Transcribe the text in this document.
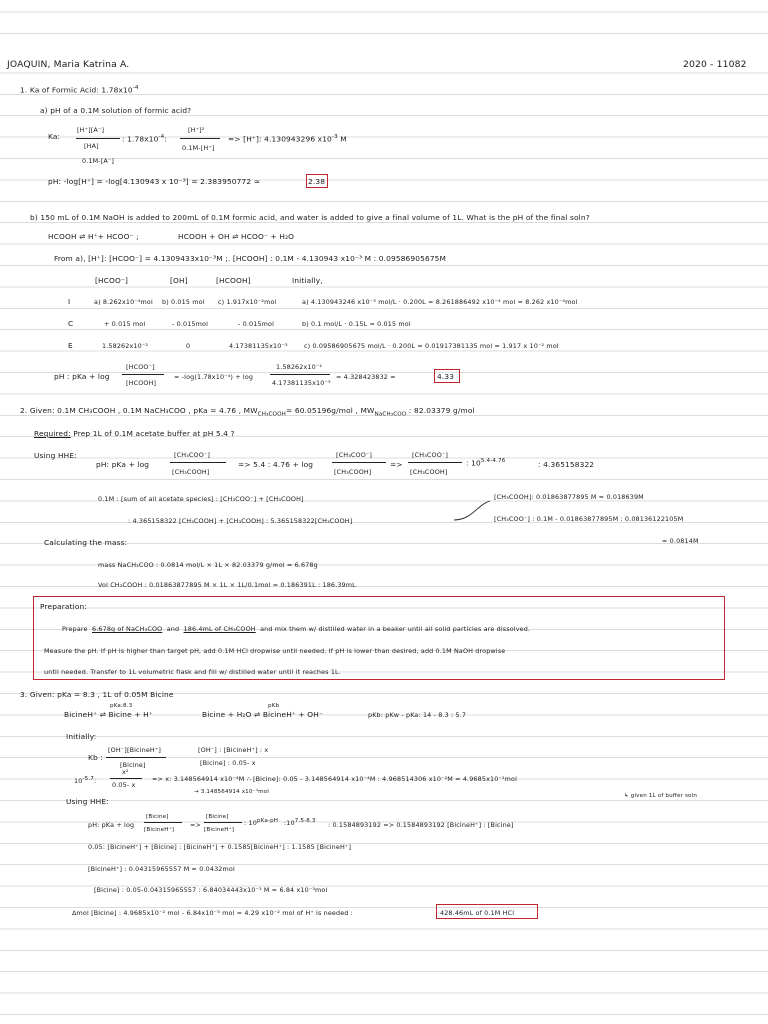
JOAQUIN, Maria Katrina A.	2020 - 11082
1. Ka of Formic Acid: $1.78x10^{-4}$
a) pH of a 0.1M solution of formic acid?
Ka:
[H⁺][A⁻]
[HA]
0.1M-[A⁻]
: $1.78x10^{-4}$:
[H⁺]²
0.1M-[H⁺]
=> [H⁺]: 4.130943296 $x10^{-3}$ M
pH: -log[H⁺] = -log[4.130943 x 10⁻³] = 2.383950772 ≃	2.38
b) 150 mL of 0.1M NaOH is added to 200mL of 0.1M formic acid, and water is added to give a final volume of 1L. What is the pH of the final soln?
HCOOH ⇌ H⁺+ HCOO⁻ ;	HCOOH + OH ⇌ HCOO⁻ + H₂O
From a), [H⁺]: [HCOO⁻] = 4.1309433x10⁻³M ;. [HCOOH] : 0.1M - 4.130943 x10⁻³ M : 0.09586905675M
[HCOO⁻]	[OH]	[HCOOH]	Initially,
I	a) 8.262x10⁻⁴mol b) 0.015 mol c) 1.917x10⁻²mol	a) 4.130943246 x10⁻³ mol/L · 0.200L = 8.261886492 x10⁻⁴ mol ≃ 8.262 x10⁻⁴mol
C	+ 0.015 mol	- 0.015mol	- 0.015mol	b) 0.1 mol/L · 0.15L = 0.015 mol
E	1.58262x10⁻²	0	4.17381135x10⁻³	c) 0.09586905675 mol/L · 0.200L = 0.01917381135 mol ≃ 1.917 x 10⁻² mol
pH : pKa + log
[HCOO⁻]
[HCOOH]
= -log(1.78x10⁻⁴) + log
1.58262x10⁻²
4.17381135x10⁻³
= 4.328423832 ≃	4.33
2. Given: 0.1M CH₃COOH , 0.1M NaCH₃COO , pKa = 4.76 , $MW_{CH_3COOH}= 60.05196g/mol$ , $MW_{NaCH_3COO}$ : 82.03379 g/mol
Required: Prep 1L of 0.1M acetate buffer at pH 5.4 ?
Using HHE:
pH: pKa + log
[CH₃COO⁻]
[CH₃COOH]
=> 5.4 : 4.76 + log
[CH₃COO⁻]
[CH₃COOH]
=>
[CH₃COO⁻]
[CH₃COOH]
: $10^{5.4-4.76}$	: 4.365158322
0.1M : [sum of all acetate species] : [CH₃COO⁻] + [CH₃COOH]
: 4.365158322 [CH₃COOH] + [CH₃COOH] : 5.365158322[CH₃COOH]
[CH₃COOH]: 0.01863877895 M ≃ 0.018639M
[CH₃COO⁻] : 0.1M - 0.01863877895M : 0.08136122105M
≃ 0.0814M
Calculating the mass:
mass NaCH₃COO : 0.0814 mol/L × 1L × 82.03379 g/mol = 6.678g
Vol CH₃COOH : 0.01863877895 M × 1L × 1L/0.1mol = 0.186391L : 186.39mL
Preparation:
Prepare 6.678g of NaCH₃COO and 186.4mL of CH₃COOH and mix them w/ distilled water in a beaker until all solid particles are dissolved.
Measure the pH. If pH is higher than target pH, add 0.1M HCl dropwise until needed. If pH is lower than desired, add 0.1M NaOH dropwise
until needed. Transfer to 1L volumetric flask and fill w/ distilled water until it reaches 1L.
3. Given: pKa = 8.3 , 1L of 0.05M Bicine
pKa:8.3
BicineH⁺ ⇌ Bicine + H⁺
pKb
Bicine + H₂O ⇌ BicineH⁺ + OH⁻	pKb: pKw - pKa: 14 - 8.3 : 5.7
Initially:
Kb :
[OH⁻][BicineH⁺]
[Bicine]
[OH⁻] : [BicineH⁺] : x
[Bicine] : 0.05- x
$10^{-5.7}$:
x²
0.05- x
=> x: 3.148564914 x10⁻⁴M ∴ [Bicine]: 0.05 - 3.148564914 x10⁻⁴M : 4.968514306 x10⁻²M ≃ 4.9685x10⁻²mol
→ 3.148564914 x10⁻⁴mol
↳ given 1L of buffer soln
Using HHE:
pH: pKa + log
[Bicine]
[BicineH⁺]
=>
[Bicine]
[BicineH⁺]
: $10^{pKa-pH}$ $:10^{7.5-8.3}$ : 0.1584893192 => 0.1584893192 [BicineH⁺] : [Bicine]
0.05: [BicineH⁺] + [Bicine] : [BicineH⁺] + 0.1585[BicineH⁺] : 1.1585 [BicineH⁺]
[BicineH⁺] : 0.04315965557 M ≃ 0.0432mol
[Bicine] : 0.05-0.04315965557 : 6.84034443x10⁻³ M ≃ 6.84 x10⁻³mol
Δmol [Bicine] : 4.9685x10⁻² mol - 6.84x10⁻³ mol = 4.29 x10⁻² mol of H⁺ is needed :	428.46mL of 0.1M HCl
